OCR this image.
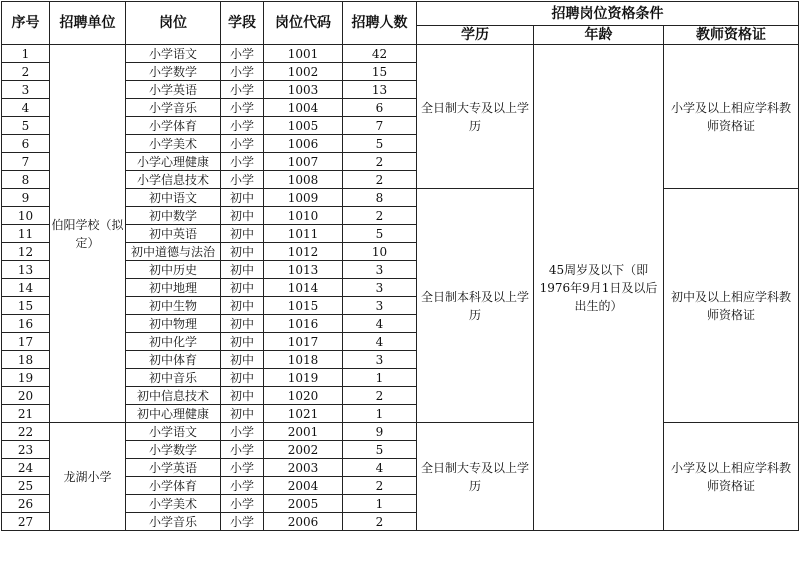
序号	招聘单位	岗位	学段	岗位代码	招聘人数	招聘岗位资格条件		
						学历	年龄	教师资格证
1	伯阳学校（拟定）	小学语文	小学	1001	42	全日制大专及以上学历	45周岁及以下（即1976年9月1日及以后出生的）	小学及以上相应学科教师资格证
2		小学数学	小学	1002	15			
3		小学英语	小学	1003	13			
4		小学音乐	小学	1004	6			
5		小学体育	小学	1005	7			
6		小学美术	小学	1006	5			
7		小学心理健康	小学	1007	2			
8		小学信息技术	小学	1008	2			
9		初中语文	初中	1009	8	全日制本科及以上学历		初中及以上相应学科教师资格证
10		初中数学	初中	1010	2			
11		初中英语	初中	1011	5			
12		初中道德与法治	初中	1012	10			
13		初中历史	初中	1013	3			
14		初中地理	初中	1014	3			
15		初中生物	初中	1015	3			
16		初中物理	初中	1016	4			
17		初中化学	初中	1017	4			
18		初中体育	初中	1018	3			
19		初中音乐	初中	1019	1			
20		初中信息技术	初中	1020	2			
21		初中心理健康	初中	1021	1			
22	龙湖小学	小学语文	小学	2001	9	全日制大专及以上学历		小学及以上相应学科教师资格证
23		小学数学	小学	2002	5			
24		小学英语	小学	2003	4			
25		小学体育	小学	2004	2			
26		小学美术	小学	2005	1			
27		小学音乐	小学	2006	2			
